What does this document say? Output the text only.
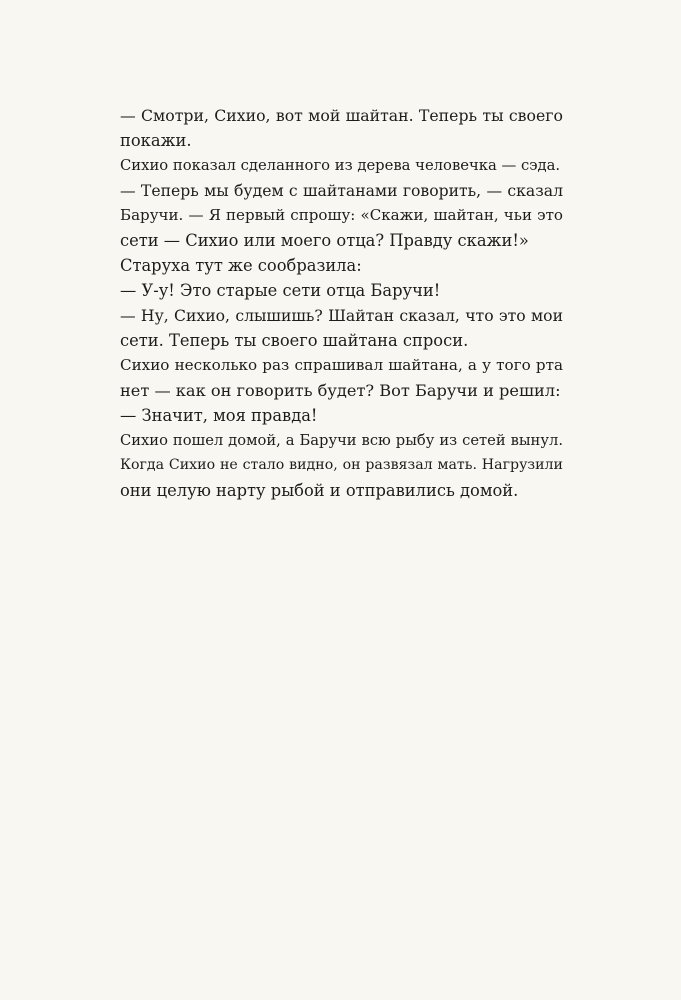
— Смотри, Сихио, вот мой шайтан. Теперь ты своего
покажи.
Сихио показал сделанного из дерева человечка — сэда.
— Теперь мы будем с шайтанами говорить, — сказал
Баручи. — Я первый спрошу: «Скажи, шайтан, чьи это
сети — Сихио или моего отца? Правду скажи!»
Старуха тут же сообразила:
— У-у! Это старые сети отца Баручи!
— Ну, Сихио, слышишь? Шайтан сказал, что это мои
сети. Теперь ты своего шайтана спроси.
Сихио несколько раз спрашивал шайтана, а у того рта
нет — как он говорить будет? Вот Баручи и решил:
— Значит, моя правда!
Сихио пошел домой, а Баручи всю рыбу из сетей вынул.
Когда Сихио не стало видно, он развязал мать. Нагрузили
они целую нарту рыбой и отправились домой.
